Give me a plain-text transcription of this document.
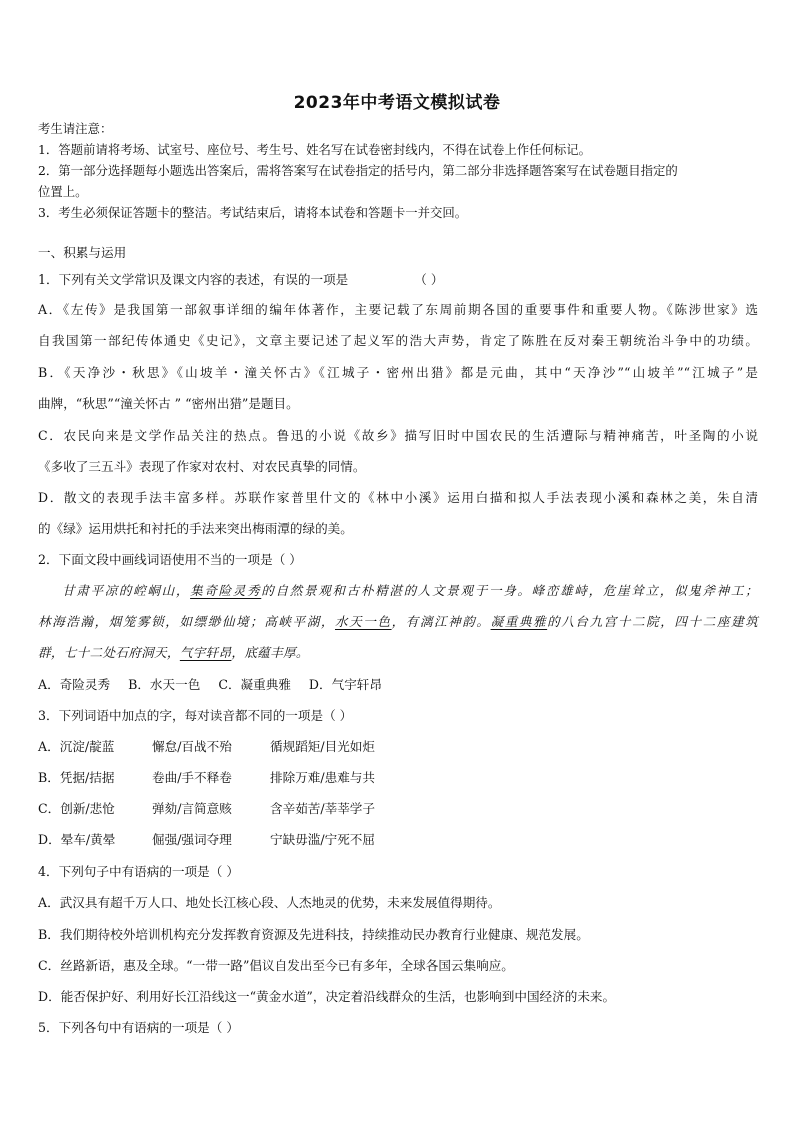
2023年中考语文模拟试卷
考生请注意：
1．答题前请将考场、试室号、座位号、考生号、姓名写在试卷密封线内，不得在试卷上作任何标记。
2．第一部分选择题每小题选出答案后，需将答案写在试卷指定的括号内，第二部分非选择题答案写在试卷题目指定的
位置上。
3．考生必须保证答题卡的整洁。考试结束后，请将本试卷和答题卡一并交回。
一、积累与运用
1．下列有关文学常识及课文内容的表述，有误的一项是	（ ）
A．《左传》是我国第一部叙事详细的编年体著作，主要记载了东周前期各国的重要事件和重要人物。《陈涉世家》选
自我国第一部纪传体通史《史记》，文章主要记述了起义军的浩大声势，肯定了陈胜在反对秦王朝统治斗争中的功绩。
B．《天净沙・秋思》《山坡羊・潼关怀古》《江城子・密州出猎》都是元曲，其中“天净沙”“山坡羊”“江城子”是
曲牌，“秋思”“潼关怀古 ” “密州出猎”是题目。
C．农民向来是文学作品关注的热点。鲁迅的小说《故乡》描写旧时中国农民的生活遭际与精神痛苦，叶圣陶的小说
《多收了三五斗》表现了作家对农村、对农民真挚的同情。
D．散文的表现手法丰富多样。苏联作家普里什文的《林中小溪》运用白描和拟人手法表现小溪和森林之美，朱自清
的《绿》运用烘托和衬托的手法来突出梅雨潭的绿的美。
2．下面文段中画线词语使用不当的一项是（ ）
甘肃平凉的崆峒山，集奇险灵秀的自然景观和古朴精湛的人文景观于一身。峰峦雄峙，危崖耸立，似鬼斧神工；
林海浩瀚，烟笼雾锁，如缥缈仙境；高峡平湖，水天一色，有漓江神韵。凝重典雅的八台九宫十二院，四十二座建筑
群，七十二处石府洞天，气宇轩昂，底蕴丰厚。
A．奇险灵秀 B．水天一色 C．凝重典雅 D．气宇轩昂
3．下列词语中加点的字，每对读音都不同的一项是（ ）
A．沉淀/靛蓝	懈怠/百战不殆	循规蹈矩/目光如炬
B．凭据/拮据	卷曲/手不释卷	排除万难/患难与共
C．创新/悲怆	弹劾/言简意赅	含辛茹苦/莘莘学子
D．晕车/黄晕	倔强/强词夺理	宁缺毋滥/宁死不屈
4．下列句子中有语病的一项是（ ）
A．武汉具有超千万人口、地处长江核心段、人杰地灵的优势，未来发展值得期待。
B．我们期待校外培训机构充分发挥教育资源及先进科技，持续推动民办教育行业健康、规范发展。
C．丝路新语，惠及全球。“一带一路”倡议自发出至今已有多年，全球各国云集响应。
D．能否保护好、利用好长江沿线这一“黄金水道”，决定着沿线群众的生活，也影响到中国经济的未来。
5．下列各句中有语病的一项是（ ）
